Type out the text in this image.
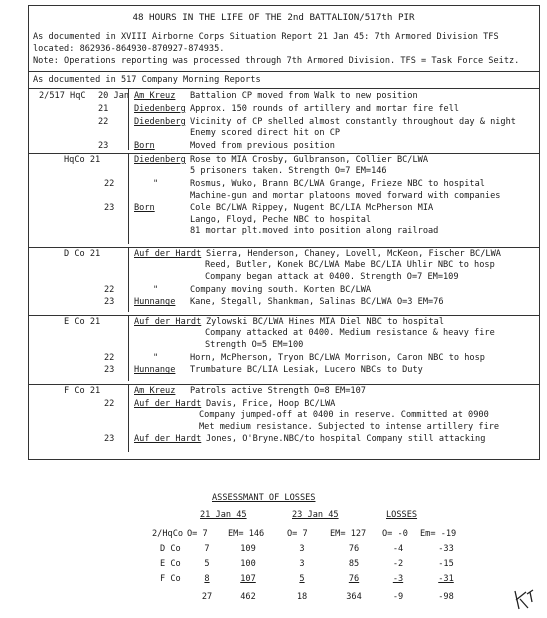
48 HOURS IN THE LIFE OF THE 2nd BATTALION/517th PIR
As documented in XVIII Airborne Corps Situation Report 21 Jan 45: 7th Armored Division TFS
located: 862936-864930-870927-874935.
Note: Operations reporting was processed through 7th Armored Division. TFS = Task Force Seitz.
As documented in 517 Company Morning Reports
2/517 HqC 20 Jan Am Kreuz Battalion CP moved from Walk to new position
21	Diedenberg Approx. 150 rounds of artillery and mortar fire fell
22	Diedenberg Vicinity of CP shelled almost constantly throughout day & night
Enemy scored direct hit on CP
23	Born	Moved from previous position
HqCo 21	Diedenberg Rose to MIA Crosby, Gulbranson, Collier BC/LWA
5 prisoners taken. Strength O=7 EM=146
22	"	Rosmus, Wuko, Brann BC/LWA Grange, Frieze NBC to hospital
Machine-gun and mortar platoons moved forward with companies
23 Born	Cole BC/LWA Rippey, Nugent BC/LIA McPherson MIA
Lango, Floyd, Peche NBC to hospital
81 mortar plt.moved into position along railroad
D Co 21	Auf der Hardt Sierra, Henderson, Chaney, Lovell, McKeon, Fischer BC/LWA
Reed, Butler, Konek BC/LWA Mabe BC/LIA Uhlir NBC to hosp
Company began attack at 0400. Strength O=7 EM=109
22	"	Company moving south. Korten BC/LWA
23 Hunnange Kane, Stegall, Shankman, Salinas BC/LWA O=3 EM=76
E Co 21	Auf der Hardt Zylowski BC/LWA Hines MIA Diel NBC to hospital
Company attacked at 0400. Medium resistance & heavy fire
Strength O=5 EM=100
22	"	Horn, McPherson, Tryon BC/LWA Morrison, Caron NBC to hosp
23 Hunnange Trumbature BC/LIA Lesiak, Lucero NBCs to Duty
F Co 21	Am Kreuz Patrols active Strength O=8 EM=107
22 Auf der Hardt Davis, Frice, Hoop BC/LWA
Company jumped-off at 0400 in reserve. Committed at 0900
Met medium resistance. Subjected to intense artillery fire
23 Auf der Hardt Jones, O'Bryne.NBC/to hospital Company still attacking
ASSESSMANT OF LOSSES
21 Jan 45	23 Jan 45	LOSSES
2/HqCo O= 7 EM= 146	O= 7	EM= 127 O= -0 Em= -19
D Co	7	109	3	76	-4	-33
E Co	5	100	3	85	-2	-15
F Co	8	107	5	76	-3	-31
27	462	18	364	-9	-98
